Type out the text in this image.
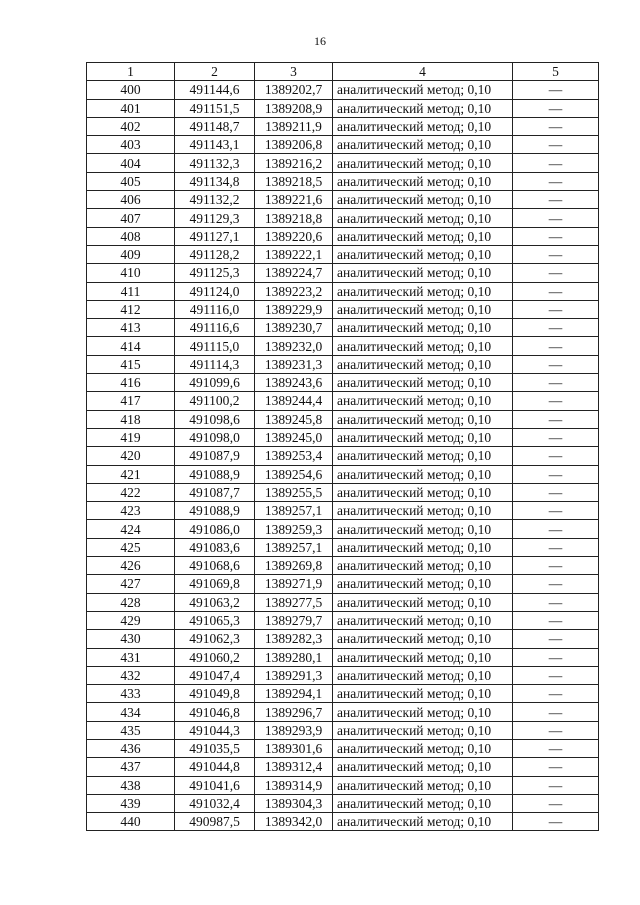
16
1	2	3	4	5
400	491144,6	1389202,7	аналитический метод; 0,10	—
401	491151,5	1389208,9	аналитический метод; 0,10	—
402	491148,7	1389211,9	аналитический метод; 0,10	—
403	491143,1	1389206,8	аналитический метод; 0,10	—
404	491132,3	1389216,2	аналитический метод; 0,10	—
405	491134,8	1389218,5	аналитический метод; 0,10	—
406	491132,2	1389221,6	аналитический метод; 0,10	—
407	491129,3	1389218,8	аналитический метод; 0,10	—
408	491127,1	1389220,6	аналитический метод; 0,10	—
409	491128,2	1389222,1	аналитический метод; 0,10	—
410	491125,3	1389224,7	аналитический метод; 0,10	—
411	491124,0	1389223,2	аналитический метод; 0,10	—
412	491116,0	1389229,9	аналитический метод; 0,10	—
413	491116,6	1389230,7	аналитический метод; 0,10	—
414	491115,0	1389232,0	аналитический метод; 0,10	—
415	491114,3	1389231,3	аналитический метод; 0,10	—
416	491099,6	1389243,6	аналитический метод; 0,10	—
417	491100,2	1389244,4	аналитический метод; 0,10	—
418	491098,6	1389245,8	аналитический метод; 0,10	—
419	491098,0	1389245,0	аналитический метод; 0,10	—
420	491087,9	1389253,4	аналитический метод; 0,10	—
421	491088,9	1389254,6	аналитический метод; 0,10	—
422	491087,7	1389255,5	аналитический метод; 0,10	—
423	491088,9	1389257,1	аналитический метод; 0,10	—
424	491086,0	1389259,3	аналитический метод; 0,10	—
425	491083,6	1389257,1	аналитический метод; 0,10	—
426	491068,6	1389269,8	аналитический метод; 0,10	—
427	491069,8	1389271,9	аналитический метод; 0,10	—
428	491063,2	1389277,5	аналитический метод; 0,10	—
429	491065,3	1389279,7	аналитический метод; 0,10	—
430	491062,3	1389282,3	аналитический метод; 0,10	—
431	491060,2	1389280,1	аналитический метод; 0,10	—
432	491047,4	1389291,3	аналитический метод; 0,10	—
433	491049,8	1389294,1	аналитический метод; 0,10	—
434	491046,8	1389296,7	аналитический метод; 0,10	—
435	491044,3	1389293,9	аналитический метод; 0,10	—
436	491035,5	1389301,6	аналитический метод; 0,10	—
437	491044,8	1389312,4	аналитический метод; 0,10	—
438	491041,6	1389314,9	аналитический метод; 0,10	—
439	491032,4	1389304,3	аналитический метод; 0,10	—
440	490987,5	1389342,0	аналитический метод; 0,10	—
